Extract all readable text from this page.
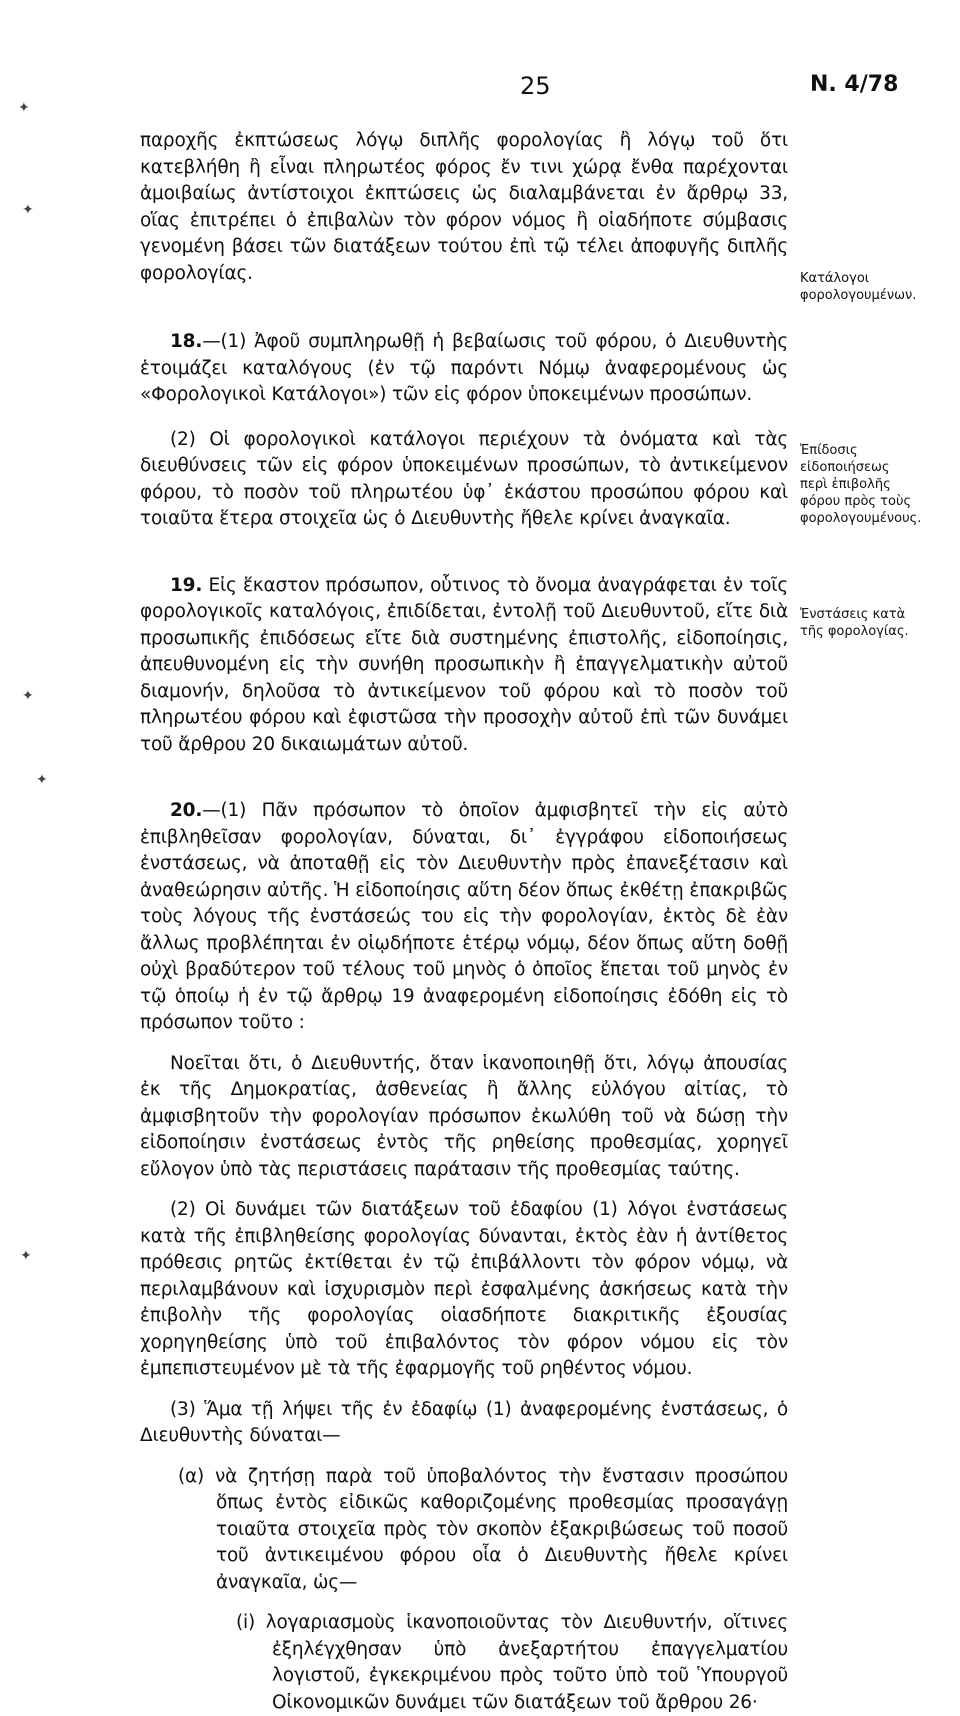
25	Ν. 4/78

παροχῆς ἐκπτώσεως λόγῳ διπλῆς φορολογίας ἢ λόγῳ τοῦ ὅτι κατεβλήθη ἢ εἶναι πληρωτέος φόρος ἔν τινι χώρᾳ ἔνθα παρέχονται ἀμοιβαίως ἀντίστοιχοι ἐκπτώσεις ὡς διαλαμβάνεται ἐν ἄρθρῳ 33, οἵας ἐπιτρέπει ὁ ἐπιβαλὼν τὸν φόρον νόμος ἢ οἱαδήποτε σύμβασις γενομένη βάσει τῶν διατάξεων τούτου ἐπὶ τῷ τέλει ἀποφυγῆς διπλῆς φορολογίας.

18.—(1) Ἀφοῦ συμπληρωθῇ ἡ βεβαίωσις τοῦ φόρου, ὁ Διευθυντὴς ἑτοιμάζει καταλόγους (ἐν τῷ παρόντι Νόμῳ ἀναφερομένους ὡς «Φορολογικοὶ Κατάλογοι») τῶν εἰς φόρον ὑποκειμένων προσώπων.

(2) Οἱ φορολογικοὶ κατάλογοι περιέχουν τὰ ὀνόματα καὶ τὰς διευθύνσεις τῶν εἰς φόρον ὑποκειμένων προσώπων, τὸ ἀντικείμενον φόρου, τὸ ποσὸν τοῦ πληρωτέου ὑφ᾽ ἑκάστου προσώπου φόρου καὶ τοιαῦτα ἕτερα στοιχεῖα ὡς ὁ Διευθυντὴς ἤθελε κρίνει ἀναγκαῖα.

19. Εἰς ἕκαστον πρόσωπον, οὗτινος τὸ ὄνομα ἀναγράφεται ἐν τοῖς φορολογικοῖς καταλόγοις, ἐπιδίδεται, ἐντολῇ τοῦ Διευθυντοῦ, εἴτε διὰ προσωπικῆς ἐπιδόσεως εἴτε διὰ συστημένης ἐπιστολῆς, εἰδοποίησις, ἀπευθυνομένη εἰς τὴν συνήθη προσωπικὴν ἢ ἐπαγγελματικὴν αὐτοῦ διαμονήν, δηλοῦσα τὸ ἀντικείμενον τοῦ φόρου καὶ τὸ ποσὸν τοῦ πληρωτέου φόρου καὶ ἐφιστῶσα τὴν προσοχὴν αὐτοῦ ἐπὶ τῶν δυνάμει τοῦ ἄρθρου 20 δικαιωμάτων αὐτοῦ.

20.—(1) Πᾶν πρόσωπον τὸ ὁποῖον ἀμφισβητεῖ τὴν εἰς αὐτὸ ἐπιβληθεῖσαν φορολογίαν, δύναται, δι᾽ ἐγγράφου εἰδοποιήσεως ἐνστάσεως, νὰ ἀποταθῇ εἰς τὸν Διευθυντὴν πρὸς ἐπανεξέτασιν καὶ ἀναθεώρησιν αὐτῆς. Ἡ εἰδοποίησις αὕτη δέον ὅπως ἐκθέτῃ ἐπακριβῶς τοὺς λόγους τῆς ἐνστάσεώς του εἰς τὴν φορολογίαν, ἐκτὸς δὲ ἐὰν ἄλλως προβλέπηται ἐν οἱῳδήποτε ἑτέρῳ νόμῳ, δέον ὅπως αὕτη δοθῇ οὐχὶ βραδύτερον τοῦ τέλους τοῦ μηνὸς ὁ ὁποῖος ἕπεται τοῦ μηνὸς ἐν τῷ ὁποίῳ ἡ ἐν τῷ ἄρθρῳ 19 ἀναφερομένη εἰδοποίησις ἐδόθη εἰς τὸ πρόσωπον τοῦτο :

Νοεῖται ὅτι, ὁ Διευθυντής, ὅταν ἱκανοποιηθῇ ὅτι, λόγῳ ἀπουσίας ἐκ τῆς Δημοκρατίας, ἀσθενείας ἢ ἄλλης εὐλόγου αἰτίας, τὸ ἀμφισβητοῦν τὴν φορολογίαν πρόσωπον ἐκωλύθη τοῦ νὰ δώσῃ τὴν εἰδοποίησιν ἐνστάσεως ἐντὸς τῆς ρηθείσης προθεσμίας, χορηγεῖ εὔλογον ὑπὸ τὰς περιστάσεις παράτασιν τῆς προθεσμίας ταύτης.

(2) Οἱ δυνάμει τῶν διατάξεων τοῦ ἐδαφίου (1) λόγοι ἐνστάσεως κατὰ τῆς ἐπιβληθείσης φορολογίας δύνανται, ἐκτὸς ἐὰν ἡ ἀντίθετος πρόθεσις ρητῶς ἐκτίθεται ἐν τῷ ἐπιβάλλοντι τὸν φόρον νόμῳ, νὰ περιλαμβάνουν καὶ ἰσχυρισμὸν περὶ ἐσφαλμένης ἀσκήσεως κατὰ τὴν ἐπιβολὴν τῆς φορολογίας οἱασδήποτε διακριτικῆς ἐξουσίας χορηγηθείσης ὑπὸ τοῦ ἐπιβαλόντος τὸν φόρον νόμου εἰς τὸν ἐμπεπιστευμένον μὲ τὰ τῆς ἐφαρμογῆς τοῦ ρηθέντος νόμου.

(3) Ἅμα τῇ λήψει τῆς ἐν ἐδαφίῳ (1) ἀναφερομένης ἐνστάσεως, ὁ Διευθυντὴς δύναται—

(α) νὰ ζητήσῃ παρὰ τοῦ ὑποβαλόντος τὴν ἔνστασιν προσώπου ὅπως ἐντὸς εἰδικῶς καθοριζομένης προθεσμίας προσαγάγῃ τοιαῦτα στοιχεῖα πρὸς τὸν σκοπὸν ἐξακριβώσεως τοῦ ποσοῦ τοῦ ἀντικειμένου φόρου οἷα ὁ Διευθυντὴς ἤθελε κρίνει ἀναγκαῖα, ὡς—

(i) λογαριασμοὺς ἱκανοποιοῦντας τὸν Διευθυντήν, οἵτινες ἐξηλέγχθησαν ὑπὸ ἀνεξαρτήτου ἐπαγγελματίου λογιστοῦ, ἐγκεκριμένου πρὸς τοῦτο ὑπὸ τοῦ Ὑπουργοῦ Οἰκονομικῶν δυνάμει τῶν διατάξεων τοῦ ἄρθρου 26·

Κατάλογοι φορολογουμένων.
Ἐπίδοσις εἰδοποιήσεως περὶ ἐπιβολῆς φόρου πρὸς τοὺς φορολογουμένους.
Ἐνστάσεις κατὰ τῆς φορολογίας.
✦
✦
✦
✦
✦
